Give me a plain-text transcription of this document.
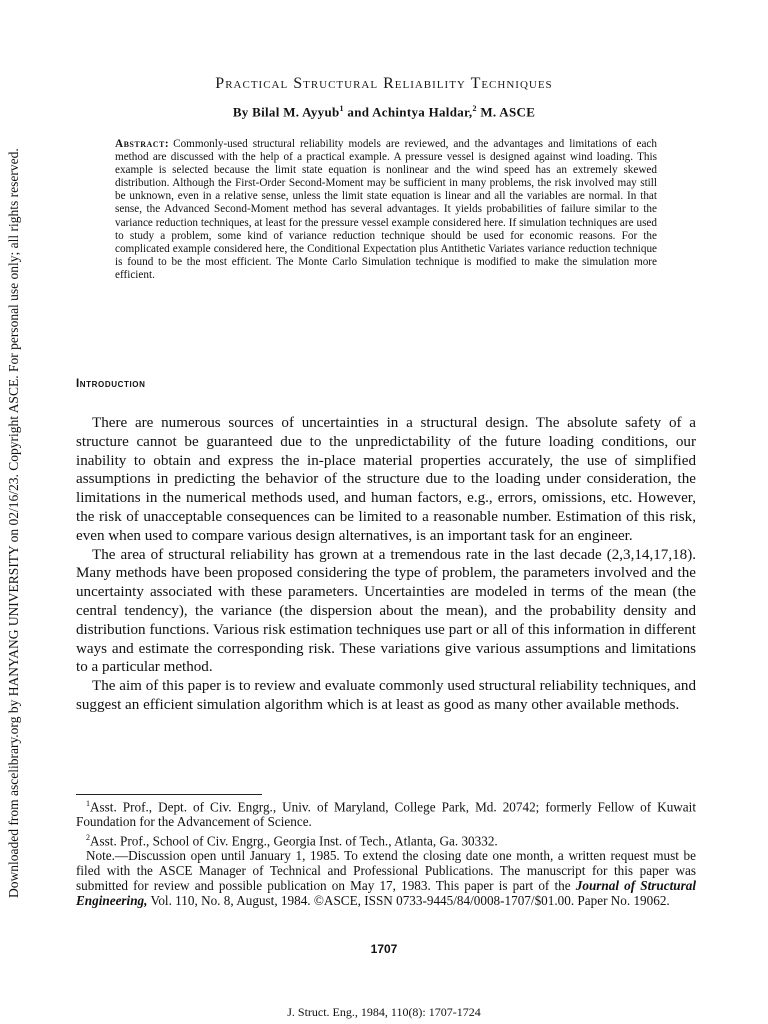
Downloaded from ascelibrary.org by HANYANG UNIVERSITY on 02/16/23. Copyright ASCE. For personal use only; all rights reserved.
Practical Structural Reliability Techniques
By Bilal M. Ayyub$^1$ and Achintya Haldar,$^2$ M. ASCE
Abstract: Commonly-used structural reliability models are reviewed, and the advantages and limitations of each method are discussed with the help of a practical example. A pressure vessel is designed against wind loading. This example is selected because the limit state equation is nonlinear and the wind speed has an extremely skewed distribution. Although the First-Order Second-Moment may be sufficient in many problems, the risk involved may still be unknown, even in a relative sense, unless the limit state equation is linear and all the variables are normal. In that sense, the Advanced Second-Moment method has several advantages. It yields probabilities of failure similar to the variance reduction techniques, at least for the pressure vessel example considered here. If simulation techniques are used to study a problem, some kind of variance reduction technique should be used for economic reasons. For the complicated example considered here, the Conditional Expectation plus Antithetic Variates variance reduction technique is found to be the most efficient. The Monte Carlo Simulation technique is modified to make the simulation more efficient.
Introduction

There are numerous sources of uncertainties in a structural design. The absolute safety of a structure cannot be guaranteed due to the unpredictability of the future loading conditions, our inability to obtain and express the in-place material properties accurately, the use of simplified assumptions in predicting the behavior of the structure due to the loading under consideration, the limitations in the numerical methods used, and human factors, e.g., errors, omissions, etc. However, the risk of unacceptable consequences can be limited to a reasonable number. Estimation of this risk, even when used to compare various design alternatives, is an important task for an engineer.

The area of structural reliability has grown at a tremendous rate in the last decade (2,3,14,17,18). Many methods have been proposed considering the type of problem, the parameters involved and the uncertainty associated with these parameters. Uncertainties are modeled in terms of the mean (the central tendency), the variance (the dispersion about the mean), and the probability density and distribution functions. Various risk estimation techniques use part or all of this information in different ways and estimate the corresponding risk. These variations give various assumptions and limitations to a particular method.

The aim of this paper is to review and evaluate commonly used structural reliability techniques, and suggest an efficient simulation algorithm which is at least as good as many other available methods.

$^1$Asst. Prof., Dept. of Civ. Engrg., Univ. of Maryland, College Park, Md. 20742; formerly Fellow of Kuwait Foundation for the Advancement of Science.

$^2$Asst. Prof., School of Civ. Engrg., Georgia Inst. of Tech., Atlanta, Ga. 30332.

Note.—Discussion open until January 1, 1985. To extend the closing date one month, a written request must be filed with the ASCE Manager of Technical and Professional Publications. The manuscript for this paper was submitted for review and possible publication on May 17, 1983. This paper is part of the Journal of Structural Engineering, Vol. 110, No. 8, August, 1984. ©ASCE, ISSN 0733-9445/84/0008-1707/$01.00. Paper No. 19062.

1707
J. Struct. Eng., 1984, 110(8): 1707-1724
